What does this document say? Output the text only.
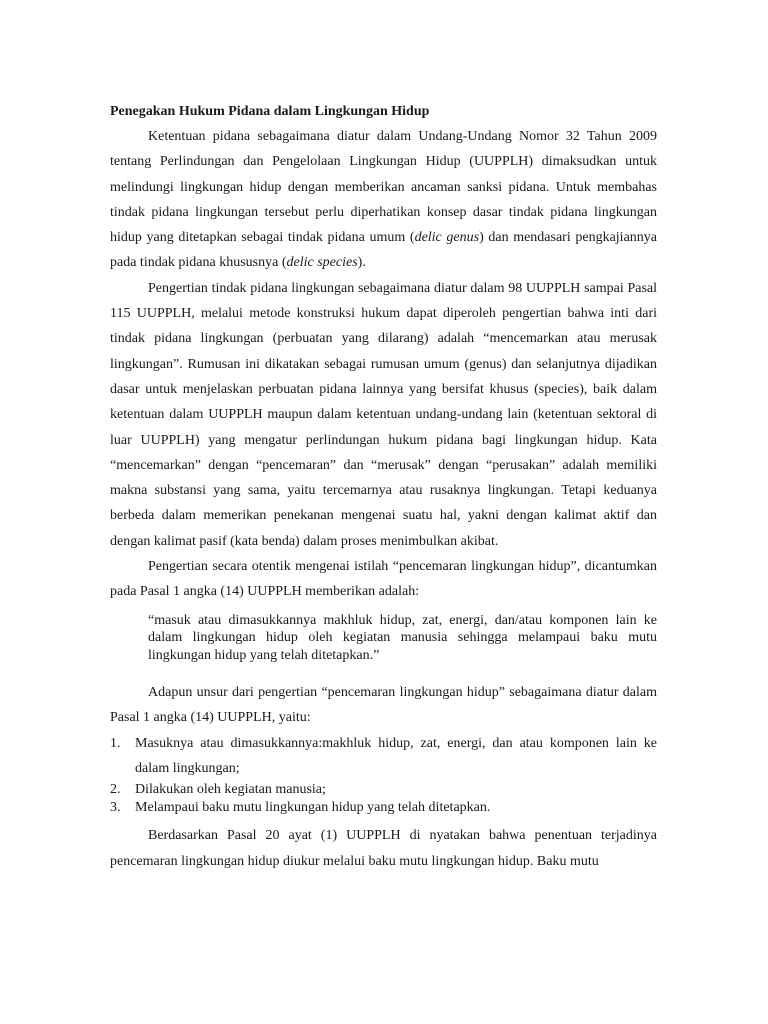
Penegakan Hukum Pidana dalam Lingkungan Hidup

Ketentuan pidana sebagaimana diatur dalam Undang-Undang Nomor 32 Tahun 2009 tentang Perlindungan dan Pengelolaan Lingkungan Hidup (UUPPLH) dimaksudkan untuk melindungi lingkungan hidup dengan memberikan ancaman sanksi pidana. Untuk membahas tindak pidana lingkungan tersebut perlu diperhatikan konsep dasar tindak pidana lingkungan hidup yang ditetapkan sebagai tindak pidana umum (delic genus) dan mendasari pengkajiannya pada tindak pidana khususnya (delic species).

Pengertian tindak pidana lingkungan sebagaimana diatur dalam 98 UUPPLH sampai Pasal 115 UUPPLH, melalui metode konstruksi hukum dapat diperoleh pengertian bahwa inti dari tindak pidana lingkungan (perbuatan yang dilarang) adalah “mencemarkan atau merusak lingkungan”. Rumusan ini dikatakan sebagai rumusan umum (genus) dan selanjutnya dijadikan dasar untuk menjelaskan perbuatan pidana lainnya yang bersifat khusus (species), baik dalam ketentuan dalam UUPPLH maupun dalam ketentuan undang-undang lain (ketentuan sektoral di luar UUPPLH) yang mengatur perlindungan hukum pidana bagi lingkungan hidup. Kata “mencemarkan” dengan “pencemaran” dan “merusak” dengan “perusakan” adalah memiliki makna substansi yang sama, yaitu tercemarnya atau rusaknya lingkungan. Tetapi keduanya berbeda dalam memerikan penekanan mengenai suatu hal, yakni dengan kalimat aktif dan dengan kalimat pasif (kata benda) dalam proses menimbulkan akibat.

Pengertian secara otentik mengenai istilah “pencemaran lingkungan hidup”, dicantumkan pada Pasal 1 angka (14) UUPPLH memberikan adalah:

“masuk atau dimasukkannya makhluk hidup, zat, energi, dan/atau komponen lain ke dalam lingkungan hidup oleh kegiatan manusia sehingga melampaui baku mutu lingkungan hidup yang telah ditetapkan.”

Adapun unsur dari pengertian “pencemaran lingkungan hidup” sebagaimana diatur dalam Pasal 1 angka (14) UUPPLH, yaitu:

1. Masuknya atau dimasukkannya:makhluk hidup, zat, energi, dan atau komponen lain ke dalam lingkungan;
2. Dilakukan oleh kegiatan manusia;
3. Melampaui baku mutu lingkungan hidup yang telah ditetapkan.

Berdasarkan Pasal 20 ayat (1) UUPPLH di nyatakan bahwa penentuan terjadinya pencemaran lingkungan hidup diukur melalui baku mutu lingkungan hidup. Baku mutu
